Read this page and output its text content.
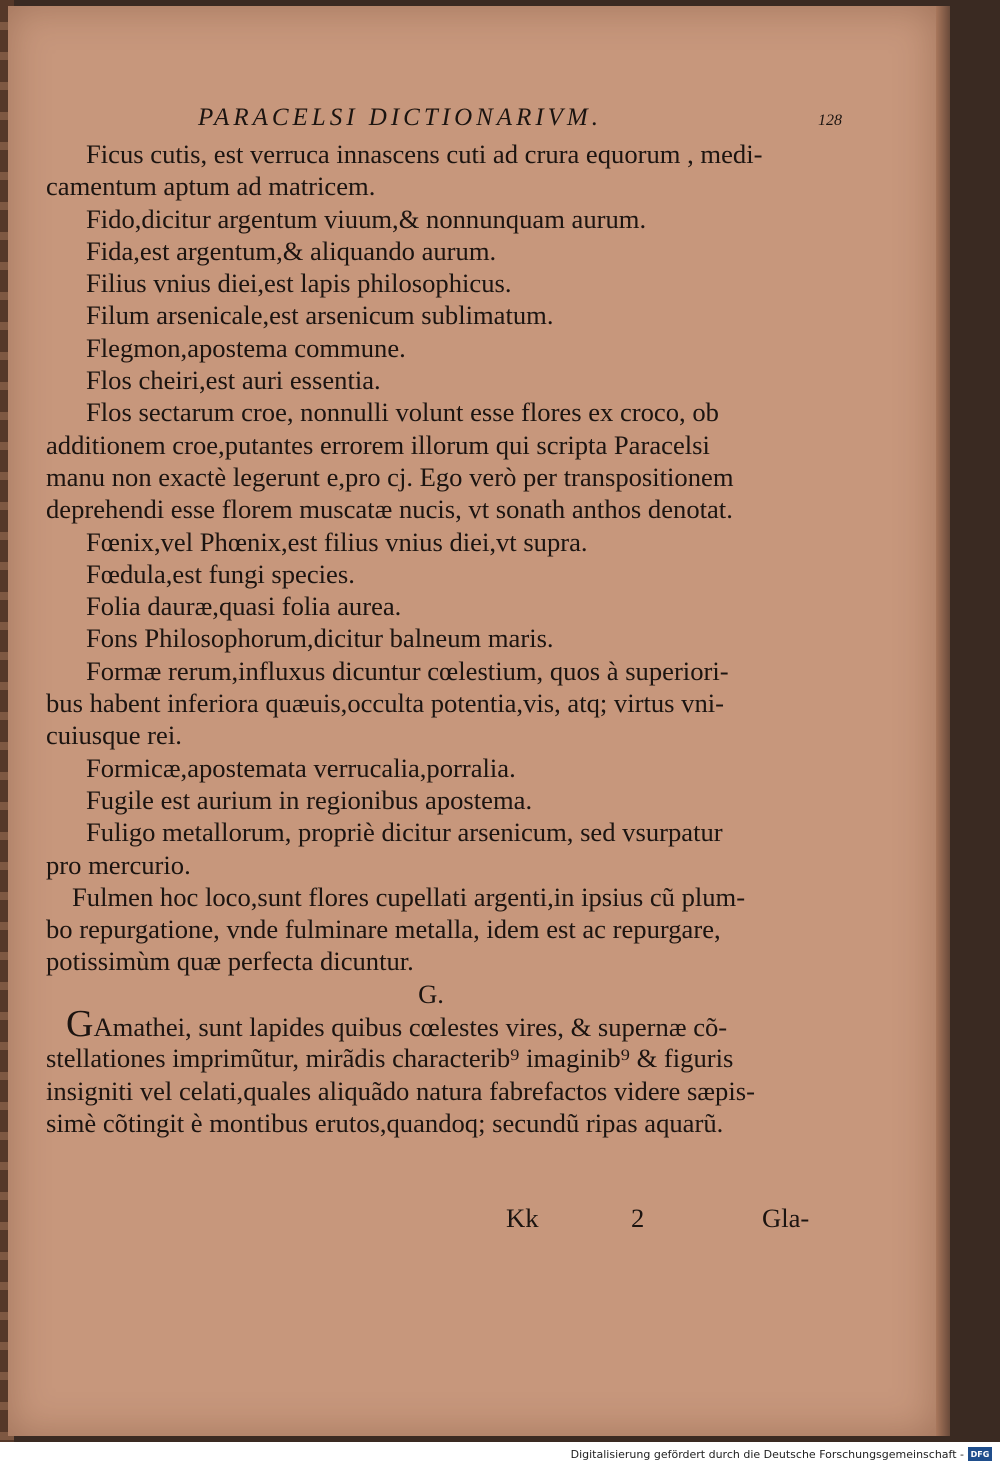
PARACELSI DICTIONARIVM.	128
Ficus cutis, est verruca innascens cuti ad crura equorum , medi-
camentum aptum ad matricem.
Fido,dicitur argentum viuum,& nonnunquam aurum.
Fida,est argentum,& aliquando aurum.
Filius vnius diei,est lapis philosophicus.
Filum arsenicale,est arsenicum sublimatum.
Flegmon,apostema commune.
Flos cheiri,est auri essentia.
Flos sectarum croe, nonnulli volunt esse flores ex croco, ob
additionem croe,putantes errorem illorum qui scripta Paracelsi
manu non exactè legerunt e,pro cj. Ego verò per transpositionem
deprehendi esse florem muscatæ nucis, vt sonath anthos denotat.
Fœnix,vel Phœnix,est filius vnius diei,vt supra.
Fœdula,est fungi species.
Folia dauræ,quasi folia aurea.
Fons Philosophorum,dicitur balneum maris.
Formæ rerum,influxus dicuntur cœlestium, quos à superiori-
bus habent inferiora quæuis,occulta potentia,vis, atq; virtus vni-
cuiusque rei.
Formicæ,apostemata verrucalia,porralia.
Fugile est aurium in regionibus apostema.
Fuligo metallorum, propriè dicitur arsenicum, sed vsurpatur
pro mercurio.
Fulmen hoc loco,sunt flores cupellati argenti,in ipsius cũ plum-
bo repurgatione, vnde fulminare metalla, idem est ac repurgare,
potissimùm quæ perfecta dicuntur.
G.
GAmathei, sunt lapides quibus cœlestes vires, & supernæ cõ-
stellationes imprimũtur, mirãdis characterib⁹ imaginib⁹ & figuris
insigniti vel celati,quales aliquãdo natura fabrefactos videre sæpis-
simè cõtingit è montibus erutos,quandoq; secundũ ripas aquarũ.
Kk	2	Gla-
Digitalisierung gefördert durch die Deutsche Forschungsgemeinschaft - DFG
